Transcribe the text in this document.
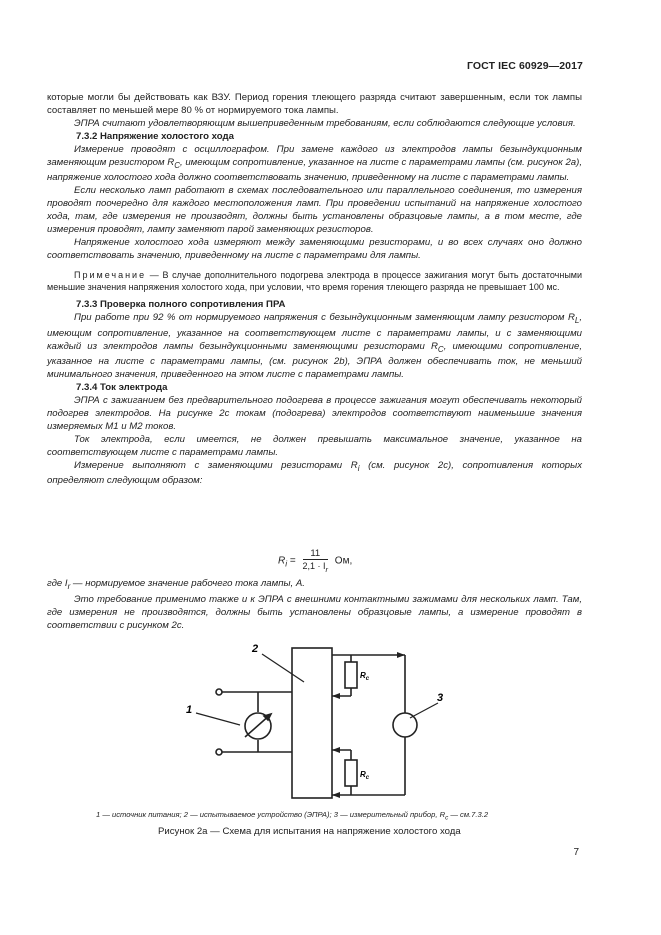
ГОСТ IEC 60929—2017

которые могли бы действовать как ВЗУ. Период горения тлеющего разряда считают завершенным, если ток лампы составляет по меньшей мере 80 % от нормируемого тока лампы.

ЭПРА считают удовлетворяющим вышеприведенным требованиям, если соблюдаются следующие условия.

7.3.2 Напряжение холостого хода

Измерение проводят с осциллографом. При замене каждого из электродов лампы безындукционным заменяющим резистором $R_C$, имеющим сопротивление, указанное на листе с параметрами лампы (см. рисунок 2a), напряжение холостого хода должно соответствовать значению, приведенному на листе с параметрами лампы.

Если несколько ламп работают в схемах последовательного или параллельного соединения, то измерения проводят поочередно для каждого местоположения ламп. При проведении испытаний на напряжение холостого хода, там, где измерения не производят, должны быть установлены образцовые лампы, а в том месте, где измерения проводят, лампу заменяют парой заменяющих резисторов.

Напряжение холостого хода измеряют между заменяющими резисторами, и во всех случаях оно должно соответствовать значению, приведенному на листе с параметрами для лампы.

Примечание — В случае дополнительного подогрева электрода в процессе зажигания могут быть достаточными меньшие значения напряжения холостого хода, при условии, что время горения тлеющего разряда не превышает 100 мс.

7.3.3 Проверка полного сопротивления ПРА

При работе при 92 % от нормируемого напряжения с безындукционным заменяющим лампу резистором $R_L$, имеющим сопротивление, указанное на соответствующем листе с параметрами лампы, и с заменяющими каждый из электродов лампы безындукционными заменяющими резисторами $R_C$, имеющими сопротивление, указанное на листе с параметрами лампы, (см. рисунок 2b), ЭПРА должен обеспечивать ток, не меньший минимального значения, приведенного на этом листе с параметрами лампы.

7.3.4 Ток электрода

ЭПРА с зажиганием без предварительного подогрева в процессе зажигания могут обеспечивать некоторый подогрев электродов. На рисунке 2c токам (подогрева) электродов соответствуют наименьшие значения измеряемых М1 и М2 токов.

Ток электрода, если имеется, не должен превышать максимальное значение, указанное на соответствующем листе с параметрами лампы.

Измерение выполняют с заменяющими резисторами $R_i$ (см. рисунок 2c), сопротивления которых определяют следующим образом:

$R_i = \frac{11}{2,1 \cdot I_r}$ Ом,

где $I_r$ — нормируемое значение рабочего тока лампы, А.

Это требование применимо также и к ЭПРА с внешними контактными зажимами для нескольких ламп. Там, где измерения не производятся, должны быть установлены образцовые лампы, а измерение проводят в соответствии с рисунком 2c.

1
2
3
$R_c$
$R_c$
1 — источник питания; 2 — испытываемое устройство (ЭПРА); 3 — измерительный прибор, $R_c$ — см.7.3.2
Рисунок 2а — Схема для испытания на напряжение холостого хода
7
